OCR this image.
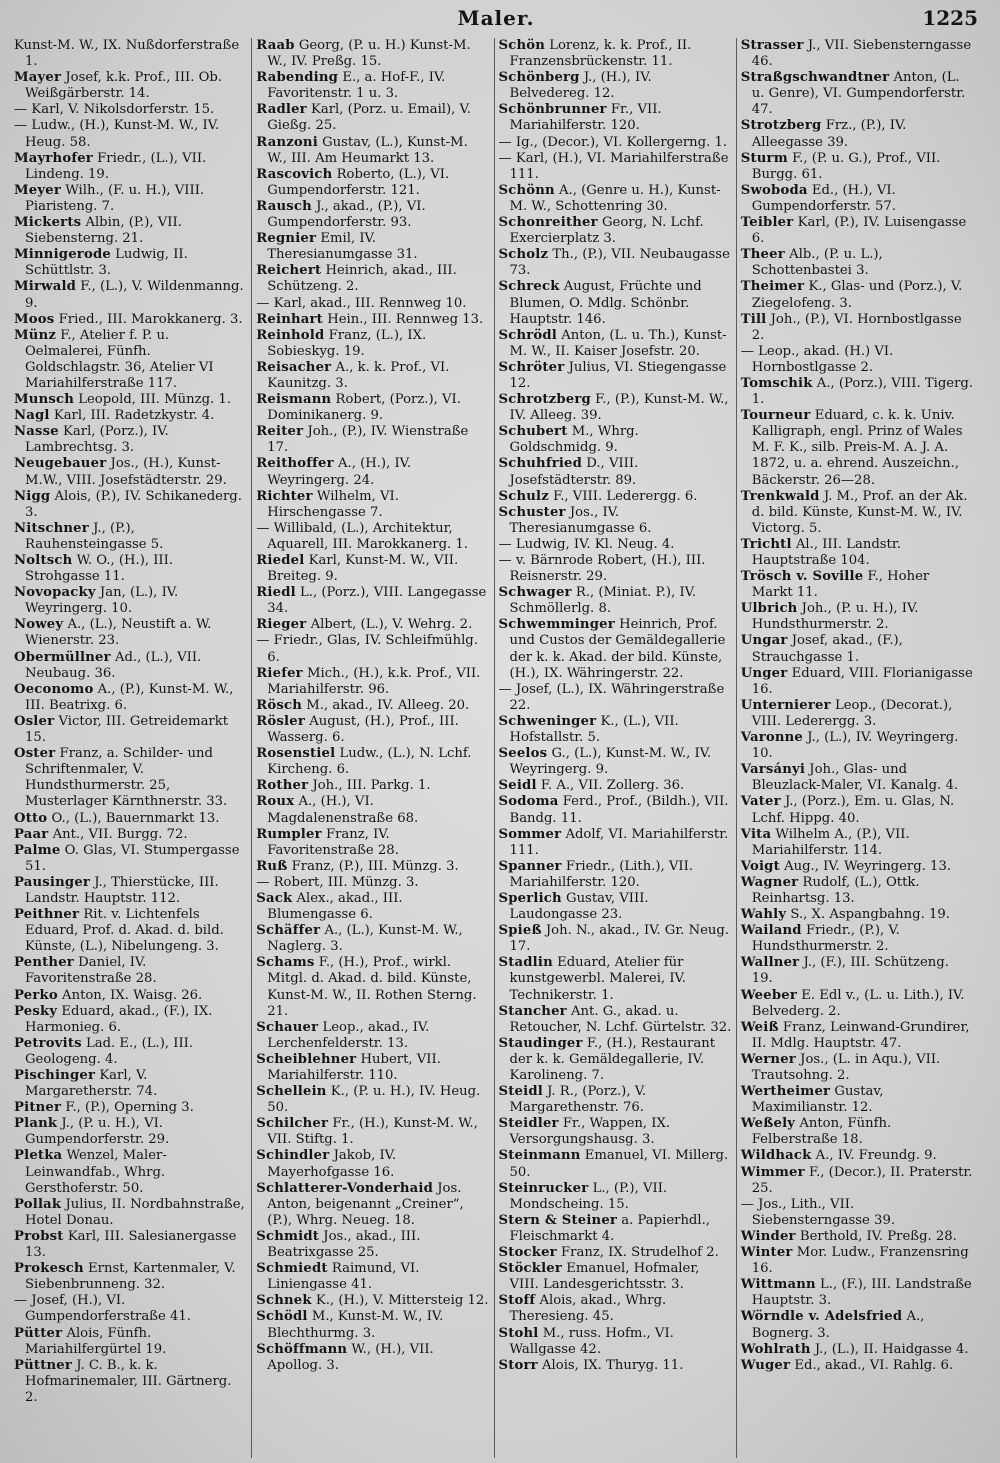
Maler.	1225

Kunst-M. W., IX. Nußdorferstraße 1.

Mayer Josef, k.k. Prof., III. Ob. Weißgärberstr. 14.

— Karl, V. Nikolsdorferstr. 15.

— Ludw., (H.), Kunst-M. W., IV. Heug. 58.

Mayrhofer Friedr., (L.), VII. Lindeng. 19.

Meyer Wilh., (F. u. H.), VIII. Piaristeng. 7.

Mickerts Albin, (P.), VII. Siebensterng. 21.

Minnigerode Ludwig, II. Schüttlstr. 3.

Mirwald F., (L.), V. Wildenmanng. 9.

Moos Fried., III. Marokkanerg. 3.

Münz F., Atelier f. P. u. Oelmalerei, Fünfh. Goldschlagstr. 36, Atelier VI Mariahilferstraße 117.

Munsch Leopold, III. Münzg. 1.

Nagl Karl, III. Radetzkystr. 4.

Nasse Karl, (Porz.), IV. Lambrechtsg. 3.

Neugebauer Jos., (H.), Kunst-M.W., VIII. Josefstädterstr. 29.

Nigg Alois, (P.), IV. Schikanederg. 3.

Nitschner J., (P.), Rauhensteingasse 5.

Noltsch W. O., (H.), III. Strohgasse 11.

Novopacky Jan, (L.), IV. Weyringerg. 10.

Nowey A., (L.), Neustift a. W. Wienerstr. 23.

Obermüllner Ad., (L.), VII. Neubaug. 36.

Oeconomo A., (P.), Kunst-M. W., III. Beatrixg. 6.

Osler Victor, III. Getreidemarkt 15.

Oster Franz, a. Schilder- und Schriftenmaler, V. Hundsthurmerstr. 25, Musterlager Kärnthnerstr. 33.

Otto O., (L.), Bauernmarkt 13.

Paar Ant., VII. Burgg. 72.

Palme O. Glas, VI. Stumpergasse 51.

Pausinger J., Thierstücke, III. Landstr. Hauptstr. 112.

Peithner Rit. v. Lichtenfels Eduard, Prof. d. Akad. d. bild. Künste, (L.), Nibelungeng. 3.

Penther Daniel, IV. Favoritenstraße 28.

Perko Anton, IX. Waisg. 26.

Pesky Eduard, akad., (F.), IX. Harmonieg. 6.

Petrovits Lad. E., (L.), III. Geologeng. 4.

Pischinger Karl, V. Margaretherstr. 74.

Pitner F., (P.), Operning 3.

Plank J., (P. u. H.), VI. Gumpendorferstr. 29.

Pletka Wenzel, Maler-Leinwandfab., Whrg. Gersthoferstr. 50.

Pollak Julius, II. Nordbahnstraße, Hotel Donau.

Probst Karl, III. Salesianergasse 13.

Prokesch Ernst, Kartenmaler, V. Siebenbrunneng. 32.

— Josef, (H.), VI. Gumpendorferstraße 41.

Pütter Alois, Fünfh. Mariahilfergürtel 19.

Püttner J. C. B., k. k. Hofmarinemaler, III. Gärtnerg. 2.

Raab Georg, (P. u. H.) Kunst-M. W., IV. Preßg. 15.

Rabending E., a. Hof-F., IV. Favoritenstr. 1 u. 3.

Radler Karl, (Porz. u. Email), V. Gießg. 25.

Ranzoni Gustav, (L.), Kunst-M. W., III. Am Heumarkt 13.

Rascovich Roberto, (L.), VI. Gumpendorferstr. 121.

Rausch J., akad., (P.), VI. Gumpendorferstr. 93.

Regnier Emil, IV. Theresianumgasse 31.

Reichert Heinrich, akad., III. Schützeng. 2.

— Karl, akad., III. Rennweg 10.

Reinhart Hein., III. Rennweg 13.

Reinhold Franz, (L.), IX. Sobieskyg. 19.

Reisacher A., k. k. Prof., VI. Kaunitzg. 3.

Reismann Robert, (Porz.), VI. Dominikanerg. 9.

Reiter Joh., (P.), IV. Wienstraße 17.

Reithoffer A., (H.), IV. Weyringerg. 24.

Richter Wilhelm, VI. Hirschengasse 7.

— Willibald, (L.), Architektur, Aquarell, III. Marokkanerg. 1.

Riedel Karl, Kunst-M. W., VII. Breiteg. 9.

Riedl L., (Porz.), VIII. Langegasse 34.

Rieger Albert, (L.), V. Wehrg. 2.

— Friedr., Glas, IV. Schleifmühlg. 6.

Riefer Mich., (H.), k.k. Prof., VII. Mariahilferstr. 96.

Rösch M., akad., IV. Alleeg. 20.

Rösler August, (H.), Prof., III. Wasserg. 6.

Rosenstiel Ludw., (L.), N. Lchf. Kircheng. 6.

Rother Joh., III. Parkg. 1.

Roux A., (H.), VI. Magdalenenstraße 68.

Rumpler Franz, IV. Favoritenstraße 28.

Ruß Franz, (P.), III. Münzg. 3.

— Robert, III. Münzg. 3.

Sack Alex., akad., III. Blumengasse 6.

Schäffer A., (L.), Kunst-M. W., Naglerg. 3.

Schams F., (H.), Prof., wirkl. Mitgl. d. Akad. d. bild. Künste, Kunst-M. W., II. Rothen Sterng. 21.

Schauer Leop., akad., IV. Lerchenfelderstr. 13.

Scheiblehner Hubert, VII. Mariahilferstr. 110.

Schellein K., (P. u. H.), IV. Heug. 50.

Schilcher Fr., (H.), Kunst-M. W., VII. Stiftg. 1.

Schindler Jakob, IV. Mayerhofgasse 16.

Schlatterer-Vonderhaid Jos. Anton, beigenannt „Creiner“, (P.), Whrg. Neueg. 18.

Schmidt Jos., akad., III. Beatrixgasse 25.

Schmiedt Raimund, VI. Liniengasse 41.

Schnek K., (H.), V. Mittersteig 12.

Schödl M., Kunst-M. W., IV. Blechthurmg. 3.

Schöffmann W., (H.), VII. Apollog. 3.

Schön Lorenz, k. k. Prof., II. Franzensbrückenstr. 11.

Schönberg J., (H.), IV. Belvedereg. 12.

Schönbrunner Fr., VII. Mariahilferstr. 120.

— Ig., (Decor.), VI. Kollergerng. 1.

— Karl, (H.), VI. Mariahilferstraße 111.

Schönn A., (Genre u. H.), Kunst-M. W., Schottenring 30.

Schonreither Georg, N. Lchf. Exercierplatz 3.

Scholz Th., (P.), VII. Neubaugasse 73.

Schreck August, Früchte und Blumen, O. Mdlg. Schönbr. Hauptstr. 146.

Schrödl Anton, (L. u. Th.), Kunst-M. W., II. Kaiser Josefstr. 20.

Schröter Julius, VI. Stiegengasse 12.

Schrotzberg F., (P.), Kunst-M. W., IV. Alleeg. 39.

Schubert M., Whrg. Goldschmidg. 9.

Schuhfried D., VIII. Josefstädterstr. 89.

Schulz F., VIII. Lederergg. 6.

Schuster Jos., IV. Theresianumgasse 6.

— Ludwig, IV. Kl. Neug. 4.

— v. Bärnrode Robert, (H.), III. Reisnerstr. 29.

Schwager R., (Miniat. P.), IV. Schmöllerlg. 8.

Schwemminger Heinrich, Prof. und Custos der Gemäldegallerie der k. k. Akad. der bild. Künste, (H.), IX. Währingerstr. 22.

— Josef, (L.), IX. Währingerstraße 22.

Schweninger K., (L.), VII. Hofstallstr. 5.

Seelos G., (L.), Kunst-M. W., IV. Weyringerg. 9.

Seidl F. A., VII. Zollerg. 36.

Sodoma Ferd., Prof., (Bildh.), VII. Bandg. 11.

Sommer Adolf, VI. Mariahilferstr. 111.

Spanner Friedr., (Lith.), VII. Mariahilferstr. 120.

Sperlich Gustav, VIII. Laudongasse 23.

Spieß Joh. N., akad., IV. Gr. Neug. 17.

Stadlin Eduard, Atelier für kunstgewerbl. Malerei, IV. Technikerstr. 1.

Stancher Ant. G., akad. u. Retoucher, N. Lchf. Gürtelstr. 32.

Staudinger F., (H.), Restaurant der k. k. Gemäldegallerie, IV. Karolineng. 7.

Steidl J. R., (Porz.), V. Margarethenstr. 76.

Steidler Fr., Wappen, IX. Versorgungshausg. 3.

Steinmann Emanuel, VI. Millerg. 50.

Steinrucker L., (P.), VII. Mondscheing. 15.

Stern & Steiner a. Papierhdl., Fleischmarkt 4.

Stocker Franz, IX. Strudelhof 2.

Stöckler Emanuel, Hofmaler, VIII. Landesgerichtsstr. 3.

Stoff Alois, akad., Whrg. Theresieng. 45.

Stohl M., russ. Hofm., VI. Wallgasse 42.

Storr Alois, IX. Thuryg. 11.

Strasser J., VII. Siebensterngasse 46.

Straßgschwandtner Anton, (L. u. Genre), VI. Gumpendorferstr. 47.

Strotzberg Frz., (P.), IV. Alleegasse 39.

Sturm F., (P. u. G.), Prof., VII. Burgg. 61.

Swoboda Ed., (H.), VI. Gumpendorferstr. 57.

Teibler Karl, (P.), IV. Luisengasse 6.

Theer Alb., (P. u. L.), Schottenbastei 3.

Theimer K., Glas- und (Porz.), V. Ziegelofeng. 3.

Till Joh., (P.), VI. Hornbostlgasse 2.

— Leop., akad. (H.) VI. Hornbostlgasse 2.

Tomschik A., (Porz.), VIII. Tigerg. 1.

Tourneur Eduard, c. k. k. Univ. Kalligraph, engl. Prinz of Wales M. F. K., silb. Preis-M. A. J. A. 1872, u. a. ehrend. Auszeichn., Bäckerstr. 26—28.

Trenkwald J. M., Prof. an der Ak. d. bild. Künste, Kunst-M. W., IV. Victorg. 5.

Trichtl Al., III. Landstr. Hauptstraße 104.

Trösch v. Soville F., Hoher Markt 11.

Ulbrich Joh., (P. u. H.), IV. Hundsthurmerstr. 2.

Ungar Josef, akad., (F.), Strauchgasse 1.

Unger Eduard, VIII. Florianigasse 16.

Unternierer Leop., (Decorat.), VIII. Lederergg. 3.

Varonne J., (L.), IV. Weyringerg. 10.

Varsányi Joh., Glas- und Bleuzlack-Maler, VI. Kanalg. 4.

Vater J., (Porz.), Em. u. Glas, N. Lchf. Hippg. 40.

Vita Wilhelm A., (P.), VII. Mariahilferstr. 114.

Voigt Aug., IV. Weyringerg. 13.

Wagner Rudolf, (L.), Ottk. Reinhartsg. 13.

Wahly S., X. Aspangbahng. 19.

Wailand Friedr., (P.), V. Hundsthurmerstr. 2.

Wallner J., (F.), III. Schützeng. 19.

Weeber E. Edl v., (L. u. Lith.), IV. Belvederg. 2.

Weiß Franz, Leinwand-Grundirer, II. Mdlg. Hauptstr. 47.

Werner Jos., (L. in Aqu.), VII. Trautsohng. 2.

Wertheimer Gustav, Maximilianstr. 12.

Weßely Anton, Fünfh. Felberstraße 18.

Wildhack A., IV. Freundg. 9.

Wimmer F., (Decor.), II. Praterstr. 25.

— Jos., Lith., VII. Siebensterngasse 39.

Winder Berthold, IV. Preßg. 28.

Winter Mor. Ludw., Franzensring 16.

Wittmann L., (F.), III. Landstraße Hauptstr. 3.

Wörndle v. Adelsfried A., Bognerg. 3.

Wohlrath J., (L.), II. Haidgasse 4.

Wuger Ed., akad., VI. Rahlg. 6.
